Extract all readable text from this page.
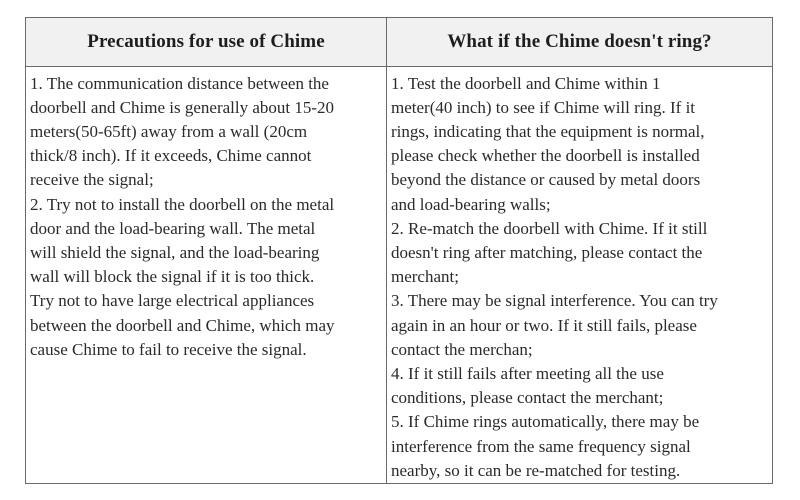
Precautions for use of Chime	What if the Chime doesn't ring?
1. The communication distance between the
doorbell and Chime is generally about 15-20
meters(50-65ft) away from a wall (20cm
thick/8 inch). If it exceeds, Chime cannot
receive the signal;
2. Try not to install the doorbell on the metal
door and the load-bearing wall. The metal
will shield the signal, and the load-bearing
wall will block the signal if it is too thick.
Try not to have large electrical appliances
between the doorbell and Chime, which may
cause Chime to fail to receive the signal.
1. Test the doorbell and Chime within 1
meter(40 inch) to see if Chime will ring. If it
rings, indicating that the equipment is normal,
please check whether the doorbell is installed
beyond the distance or caused by metal doors
and load-bearing walls;
2. Re-match the doorbell with Chime. If it still
doesn't ring after matching, please contact the
merchant;
3. There may be signal interference. You can try
again in an hour or two. If it still fails, please
contact the merchan;
4. If it still fails after meeting all the use
conditions, please contact the merchant;
5. If Chime rings automatically, there may be
interference from the same frequency signal
nearby, so it can be re-matched for testing.
